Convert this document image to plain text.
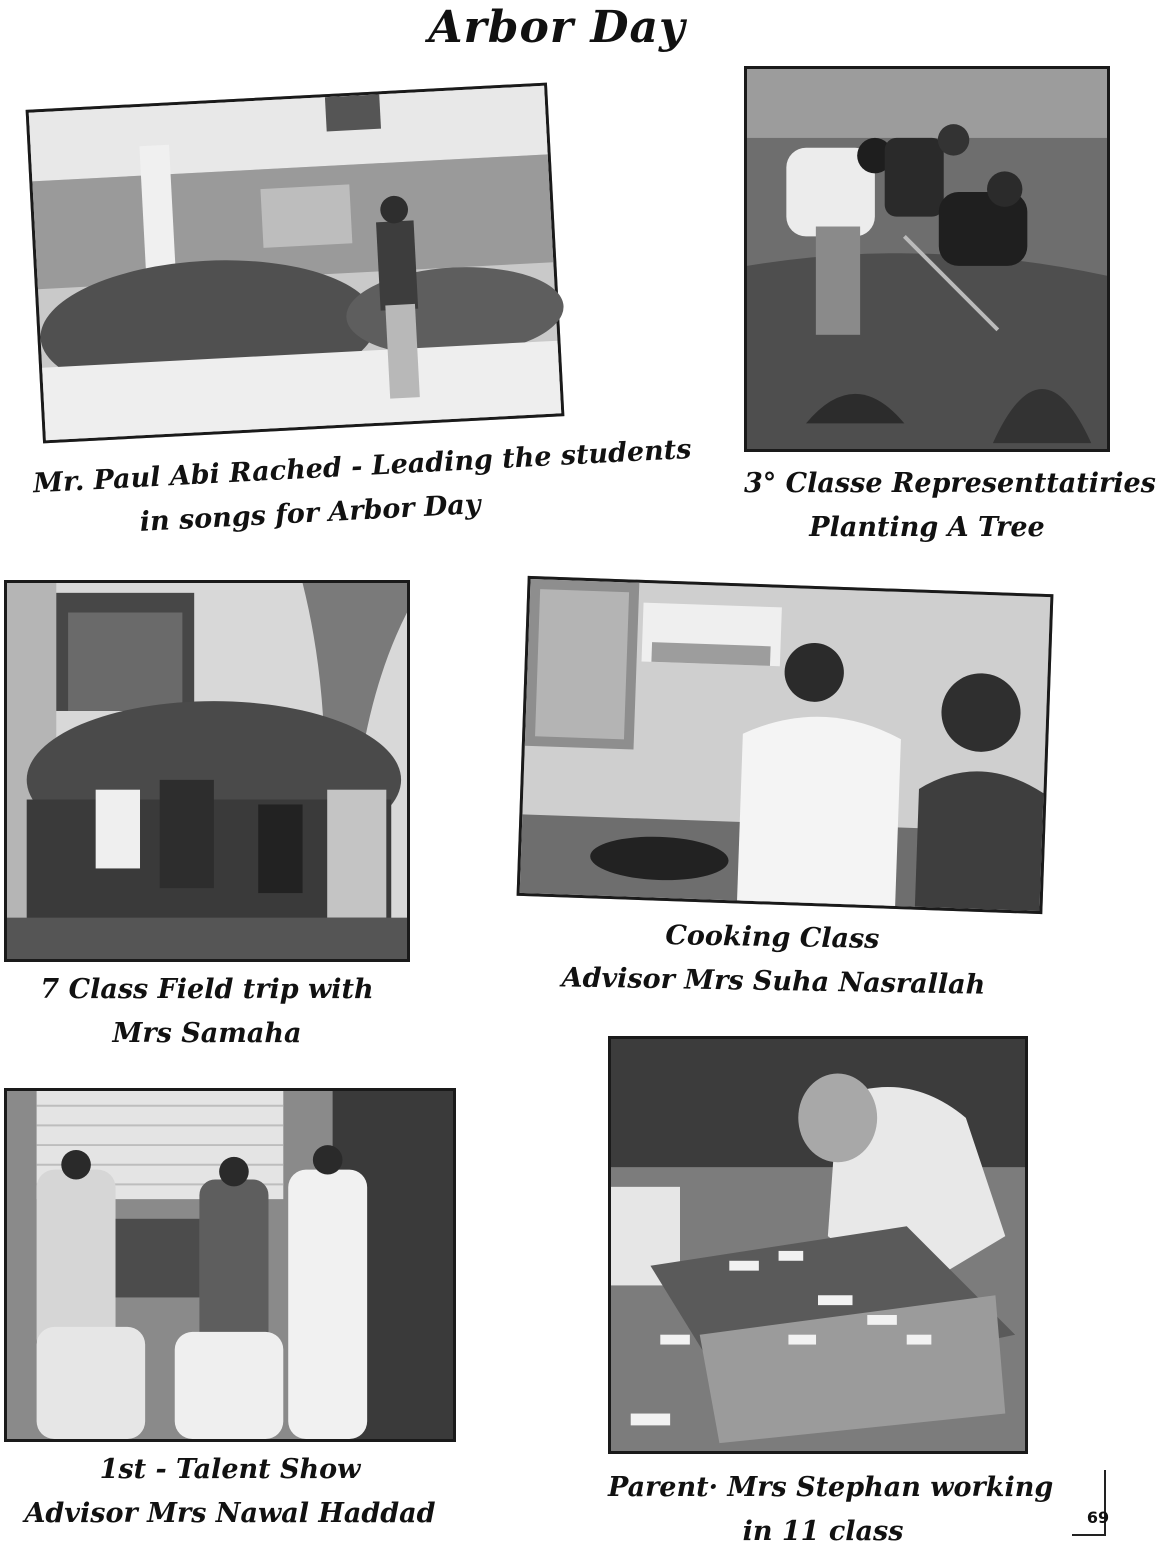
Arbor Day
Mr. Paul Abi Rached - Leading the students
in songs for Arbor Day
3° Classe Representtatiries
Planting A Tree
7 Class Field trip with
Mrs Samaha
Cooking Class
Advisor Mrs Suha Nasrallah
1st - Talent Show
Advisor Mrs Nawal Haddad
Parent· Mrs Stephan working
in 11 class	69
